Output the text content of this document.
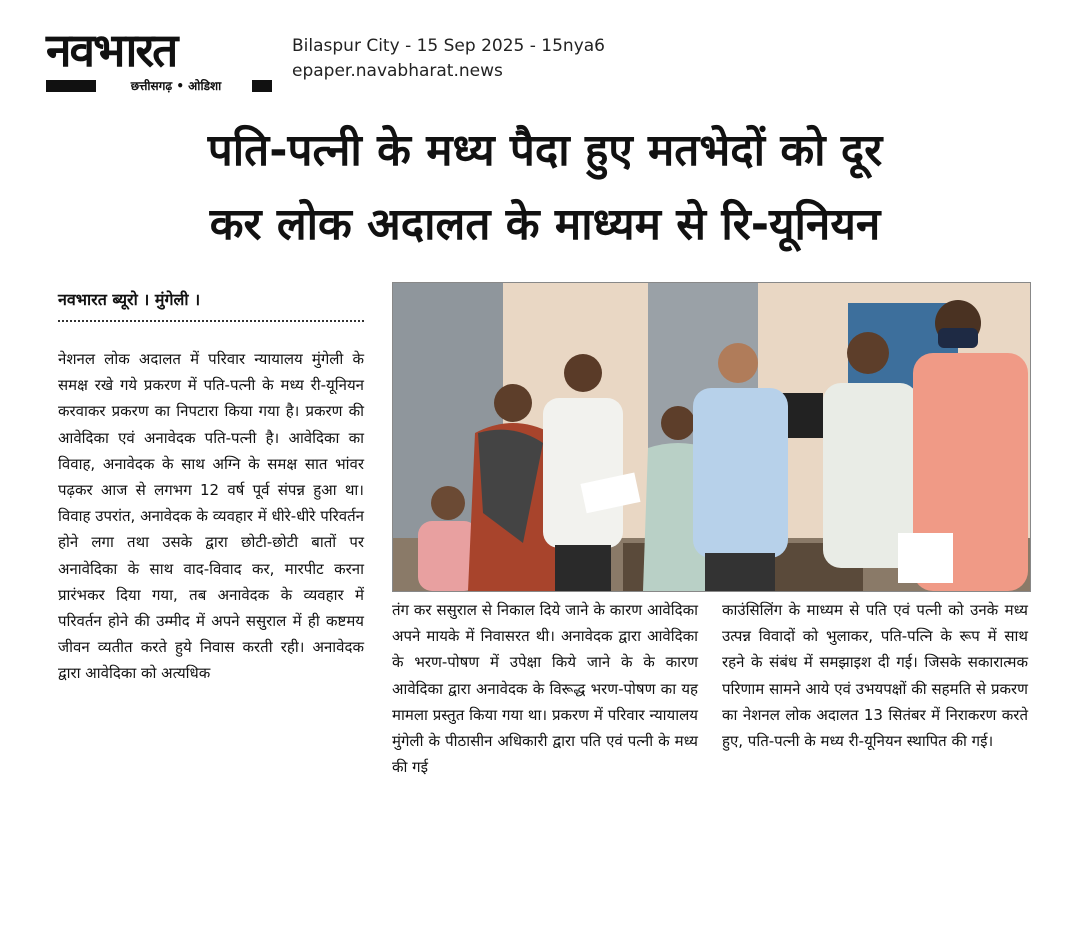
नवभारत
छत्तीसगढ़ • ओडिशा
Bilaspur City - 15 Sep 2025 - 15nya6
epaper.navabharat.news
पति-पत्नी के मध्य पैदा हुए मतभेदों को दूर
कर लोक अदालत के माध्यम से रि-यूनियन
नवभारत ब्यूरो । मुंगेली ।

नेशनल लोक अदालत में परिवार न्यायालय मुंगेली के समक्ष रखे गये प्रकरण में पति-पत्नी के मध्य री-यूनियन करवाकर प्रकरण का निपटारा किया गया है। प्रकरण की आवेदिका एवं अनावेदक पति-पत्नी है। आवेदिका का विवाह, अनावेदक के साथ अग्नि के समक्ष सात भांवर पढ़कर आज से लगभग 12 वर्ष पूर्व संपन्न हुआ था। विवाह उपरांत, अनावेदक के व्यवहार में धीरे-धीरे परिवर्तन होने लगा तथा उसके द्वारा छोटी-छोटी बातों पर अनावेदिका के साथ वाद-विवाद कर, मारपीट करना प्रारंभकर दिया गया, तब अनावेदक के व्यवहार में परिवर्तन होने की उम्मीद में अपने ससुराल में ही कष्टमय जीवन व्यतीत करते हुये निवास करती रही। अनावेदक द्वारा आवेदिका को अत्यधिक

तंग कर ससुराल से निकाल दिये जाने के कारण आवेदिका अपने मायके में निवासरत थी। अनावेदक द्वारा आवेदिका के भरण-पोषण में उपेक्षा किये जाने के के कारण आवेदिका द्वारा अनावेदक के विरूद्ध भरण-पोषण का यह मामला प्रस्तुत किया गया था। प्रकरण में परिवार न्यायालय मुंगेली के पीठासीन अधिकारी द्वारा पति एवं पत्नी के मध्य की गई

काउंसिलिंग के माध्यम से पति एवं पत्नी को उनके मध्य उत्पन्न विवादों को भुलाकर, पति-पत्नि के रूप में साथ रहने के संबंध में समझाइश दी गई। जिसके सकारात्मक परिणाम सामने आये एवं उभयपक्षों की सहमति से प्रकरण का नेशनल लोक अदालत 13 सितंबर में निराकरण करते हुए, पति-पत्नी के मध्य री-यूनियन स्थापित की गई।
